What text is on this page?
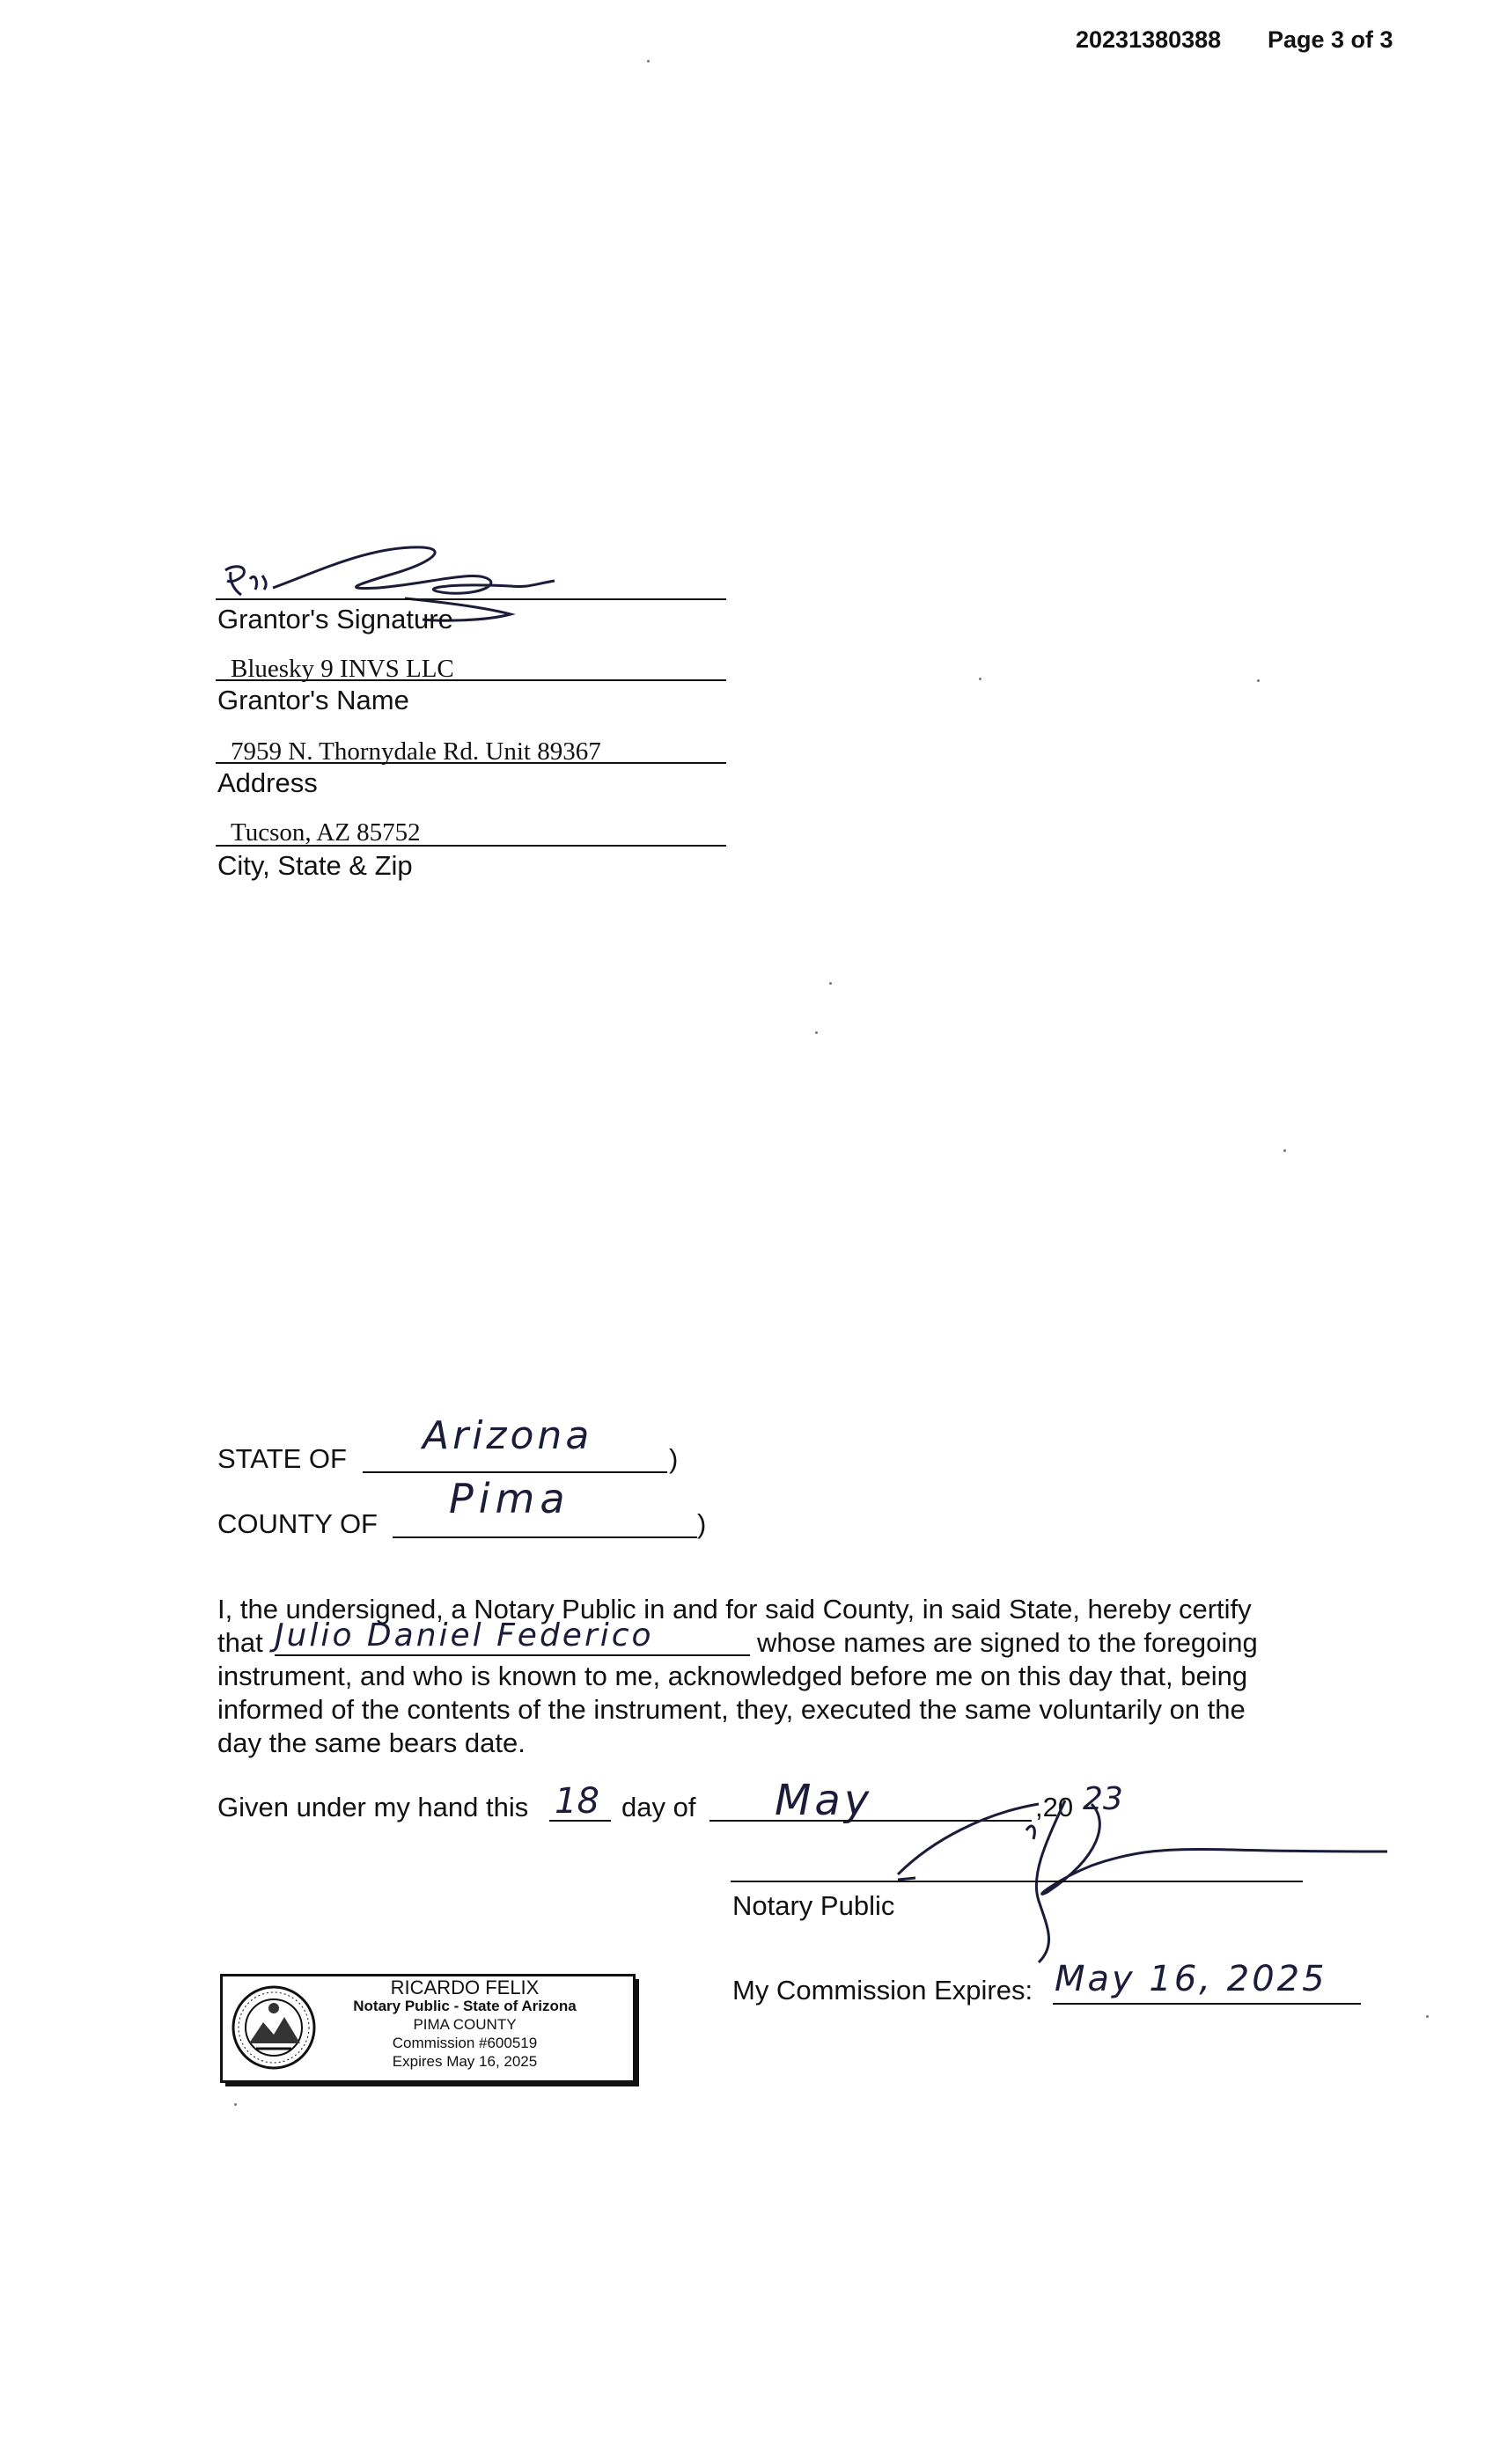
20231380388 Page 3 of 3
Grantor's Signature
Bluesky 9 INVS LLC
Grantor's Name
7959 N. Thornydale Rd. Unit 89367
Address
Tucson, AZ 85752
City, State & Zip
STATE OF
Arizona
)
COUNTY OF
Pima
)
I, the undersigned, a Notary Public in and for said County, in said State, hereby certify
that Julio Daniel Federico	whose names are signed to the foregoing
instrument, and who is known to me, acknowledged before me on this day that, being
informed of the contents of the instrument, they, executed the same voluntarily on the
day the same bears date.
Given under my hand this 18 day of May	,20 23
Notary Public
My Commission Expires: May 16, 2025
RICARDO FELIX
Notary Public - State of Arizona
PIMA COUNTY
Commission #600519
Expires May 16, 2025
